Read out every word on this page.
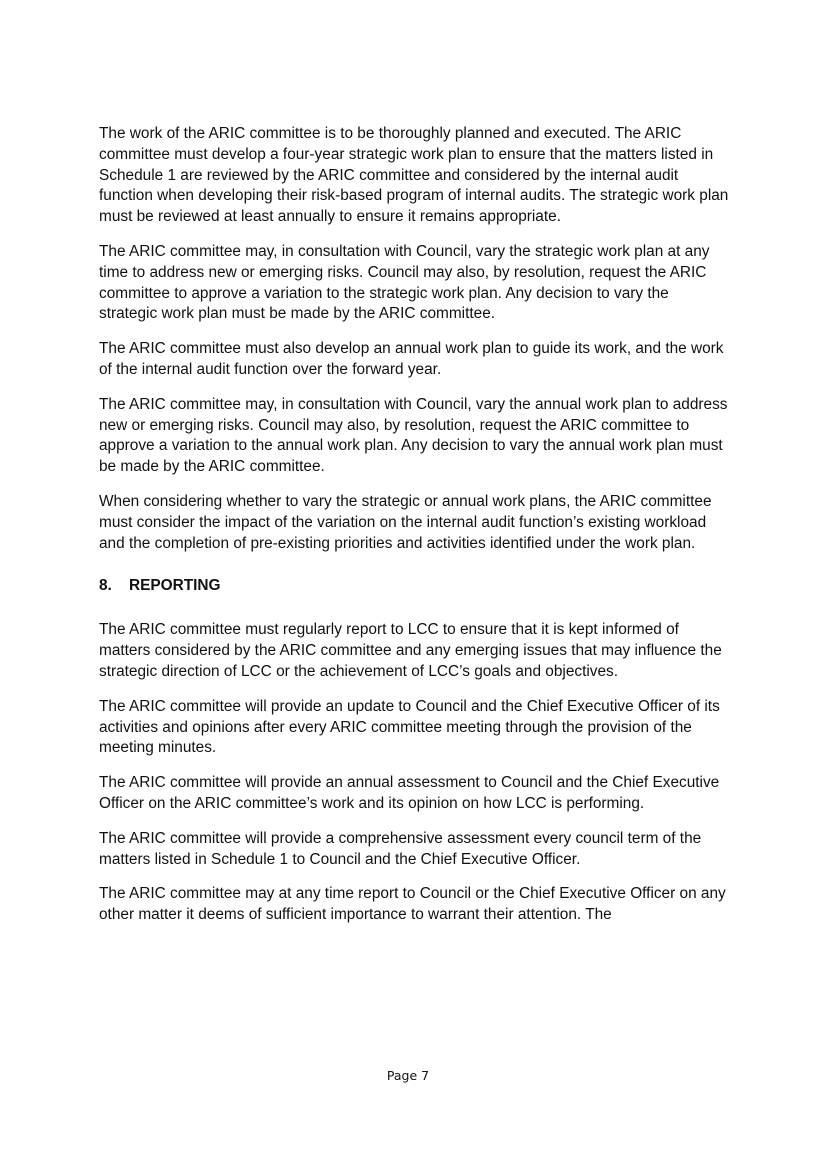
The work of the ARIC committee is to be thoroughly planned and executed. The ARIC committee must develop a four-year strategic work plan to ensure that the matters listed in Schedule 1 are reviewed by the ARIC committee and considered by the internal audit function when developing their risk-based program of internal audits. The strategic work plan must be reviewed at least annually to ensure it remains appropriate.

The ARIC committee may, in consultation with Council, vary the strategic work plan at any time to address new or emerging risks. Council may also, by resolution, request the ARIC committee to approve a variation to the strategic work plan. Any decision to vary the strategic work plan must be made by the ARIC committee.

The ARIC committee must also develop an annual work plan to guide its work, and the work of the internal audit function over the forward year.

The ARIC committee may, in consultation with Council, vary the annual work plan to address new or emerging risks. Council may also, by resolution, request the ARIC committee to approve a variation to the annual work plan. Any decision to vary the annual work plan must be made by the ARIC committee.

When considering whether to vary the strategic or annual work plans, the ARIC committee must consider the impact of the variation on the internal audit function’s existing workload and the completion of pre-existing priorities and activities identified under the work plan.

8.	REPORTING

The ARIC committee must regularly report to LCC to ensure that it is kept informed of matters considered by the ARIC committee and any emerging issues that may influence the strategic direction of LCC or the achievement of LCC’s goals and objectives.

The ARIC committee will provide an update to Council and the Chief Executive Officer of its activities and opinions after every ARIC committee meeting through the provision of the meeting minutes.

The ARIC committee will provide an annual assessment to Council and the Chief Executive Officer on the ARIC committee’s work and its opinion on how LCC is performing.

The ARIC committee will provide a comprehensive assessment every council term of the matters listed in Schedule 1 to Council and the Chief Executive Officer.

The ARIC committee may at any time report to Council or the Chief Executive Officer on any other matter it deems of sufficient importance to warrant their attention. The

Page 7
